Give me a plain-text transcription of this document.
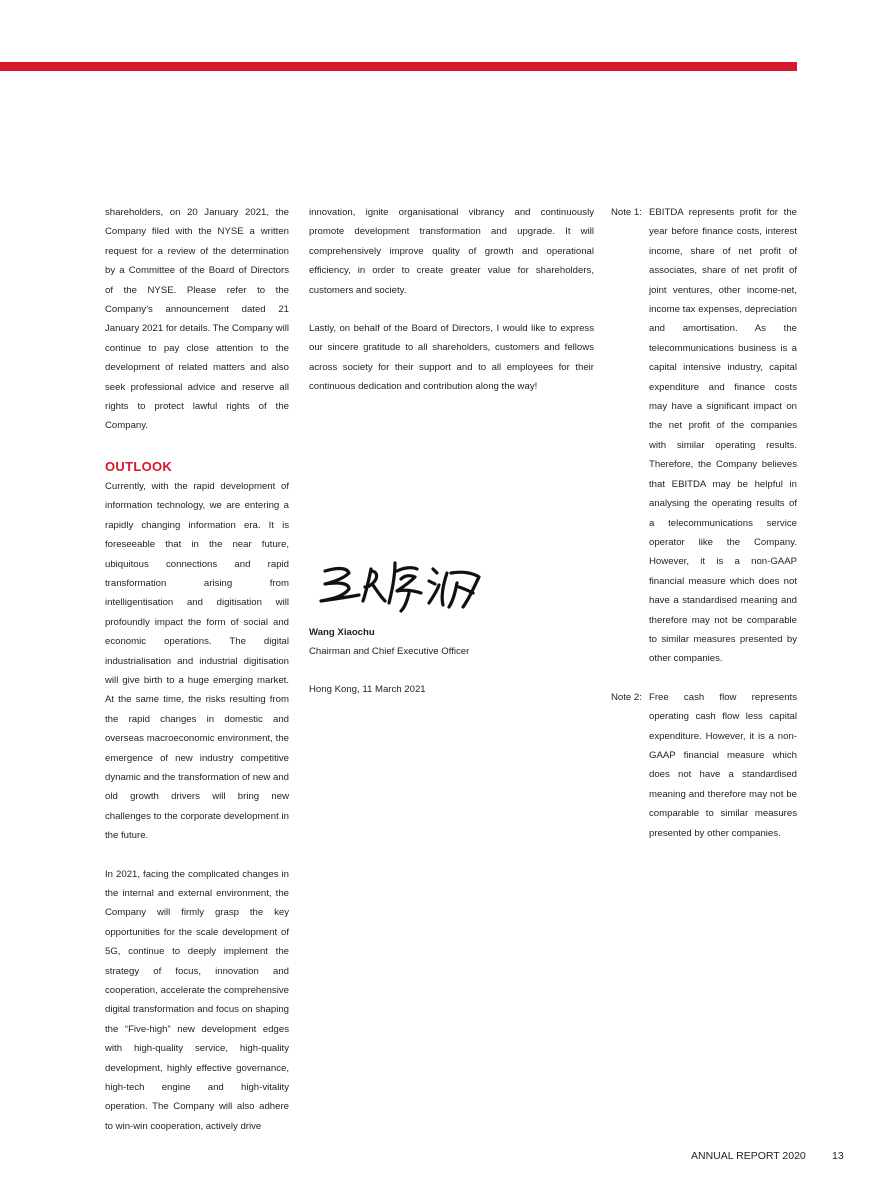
shareholders, on 20 January 2021, the Company filed with the NYSE a written request for a review of the determination by a Committee of the Board of Directors of the NYSE. Please refer to the Company’s announcement dated 21 January 2021 for details. The Company will continue to pay close attention to the development of related matters and also seek professional advice and reserve all rights to protect lawful rights of the Company.

OUTLOOK

Currently, with the rapid development of information technology, we are entering a rapidly changing information era. It is foreseeable that in the near future, ubiquitous connections and rapid transformation arising from intelligentisation and digitisation will profoundly impact the form of social and economic operations. The digital industrialisation and industrial digitisation will give birth to a huge emerging market. At the same time, the risks resulting from the rapid changes in domestic and overseas macroeconomic environment, the emergence of new industry competitive dynamic and the transformation of new and old growth drivers will bring new challenges to the corporate development in the future.

In 2021, facing the complicated changes in the internal and external environment, the Company will firmly grasp the key opportunities for the scale development of 5G, continue to deeply implement the strategy of focus, innovation and cooperation, accelerate the comprehensive digital transformation and focus on shaping the “Five-high” new development edges with high-quality service, high-quality development, highly effective governance, high-tech engine and high-vitality operation. The Company will also adhere to win-win cooperation, actively drive

innovation, ignite organisational vibrancy and continuously promote development transformation and upgrade. It will comprehensively improve quality of growth and operational efficiency, in order to create greater value for shareholders, customers and society.

Lastly, on behalf of the Board of Directors, I would like to express our sincere gratitude to all shareholders, customers and fellows across society for their support and to all employees for their continuous dedication and contribution along the way!

Wang Xiaochu

Chairman and Chief Executive Officer

Hong Kong, 11 March 2021

Note 1: EBITDA represents profit for the year before finance costs, interest income, share of net profit of associates, share of net profit of joint ventures, other income-net, income tax expenses, depreciation and amortisation. As the telecommunications business is a capital intensive industry, capital expenditure and finance costs may have a significant impact on the net profit of the companies with similar operating results. Therefore, the Company believes that EBITDA may be helpful in analysing the operating results of a telecommunications service operator like the Company. However, it is a non-GAAP financial measure which does not have a standardised meaning and therefore may not be comparable to similar measures presented by other companies.
Note 2: Free cash flow represents operating cash flow less capital expenditure. However, it is a non-GAAP financial measure which does not have a standardised meaning and therefore may not be comparable to similar measures presented by other companies.
ANNUAL REPORT 2020 13
